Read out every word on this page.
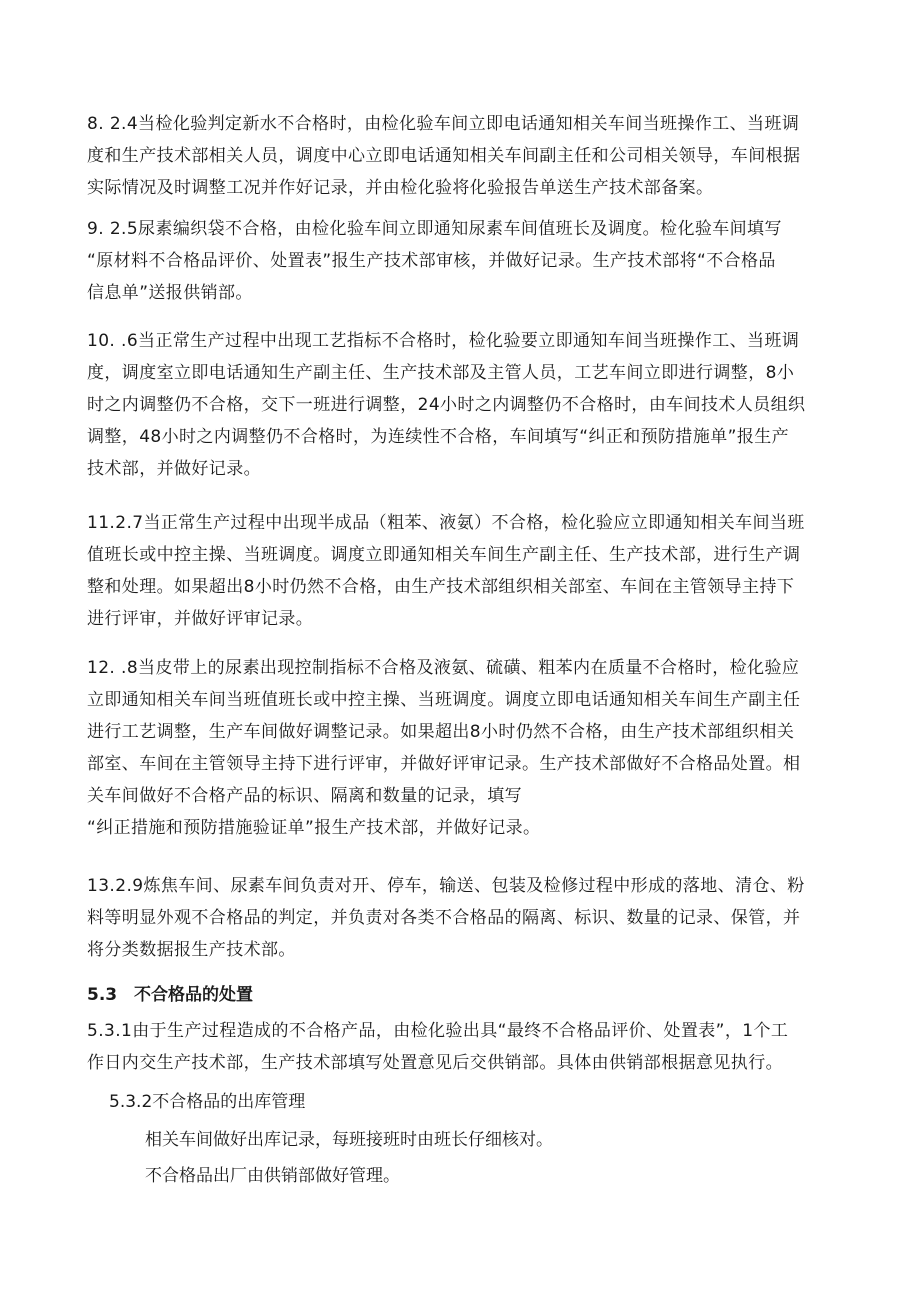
8. 2.4当检化验判定新水不合格时，由检化验车间立即电话通知相关车间当班操作工、当班调
度和生产技术部相关人员，调度中心立即电话通知相关车间副主任和公司相关领导，车间根据
实际情况及时调整工况并作好记录，并由检化验将化验报告单送生产技术部备案。
9. 2.5尿素编织袋不合格，由检化验车间立即通知尿素车间值班长及调度。检化验车间填写
“原材料不合格品评价、处置表”报生产技术部审核，并做好记录。生产技术部将“不合格品
信息单”送报供销部。
10. .6当正常生产过程中出现工艺指标不合格时，检化验要立即通知车间当班操作工、当班调
度，调度室立即电话通知生产副主任、生产技术部及主管人员，工艺车间立即进行调整，8小
时之内调整仍不合格，交下一班进行调整，24小时之内调整仍不合格时，由车间技术人员组织
调整，48小时之内调整仍不合格时，为连续性不合格，车间填写“纠正和预防措施单”报生产
技术部，并做好记录。
11.2.7当正常生产过程中出现半成品（粗苯、液氨）不合格，检化验应立即通知相关车间当班
值班长或中控主操、当班调度。调度立即通知相关车间生产副主任、生产技术部，进行生产调
整和处理。如果超出8小时仍然不合格，由生产技术部组织相关部室、车间在主管领导主持下
进行评审，并做好评审记录。
12. .8当皮带上的尿素出现控制指标不合格及液氨、硫磺、粗苯内在质量不合格时，检化验应
立即通知相关车间当班值班长或中控主操、当班调度。调度立即电话通知相关车间生产副主任
进行工艺调整，生产车间做好调整记录。如果超出8小时仍然不合格，由生产技术部组织相关
部室、车间在主管领导主持下进行评审，并做好评审记录。生产技术部做好不合格品处置。相
关车间做好不合格产品的标识、隔离和数量的记录，填写
“纠正措施和预防措施验证单”报生产技术部，并做好记录。
13.2.9炼焦车间、尿素车间负责对开、停车，输送、包装及检修过程中形成的落地、清仓、粉
料等明显外观不合格品的判定，并负责对各类不合格品的隔离、标识、数量的记录、保管，并
将分类数据报生产技术部。
5.3 不合格品的处置
5.3.1由于生产过程造成的不合格产品，由检化验出具“最终不合格品评价、处置表”，1个工
作日内交生产技术部，生产技术部填写处置意见后交供销部。具体由供销部根据意见执行。
5.3.2不合格品的出库管理
相关车间做好出库记录，每班接班时由班长仔细核对。
不合格品出厂由供销部做好管理。
